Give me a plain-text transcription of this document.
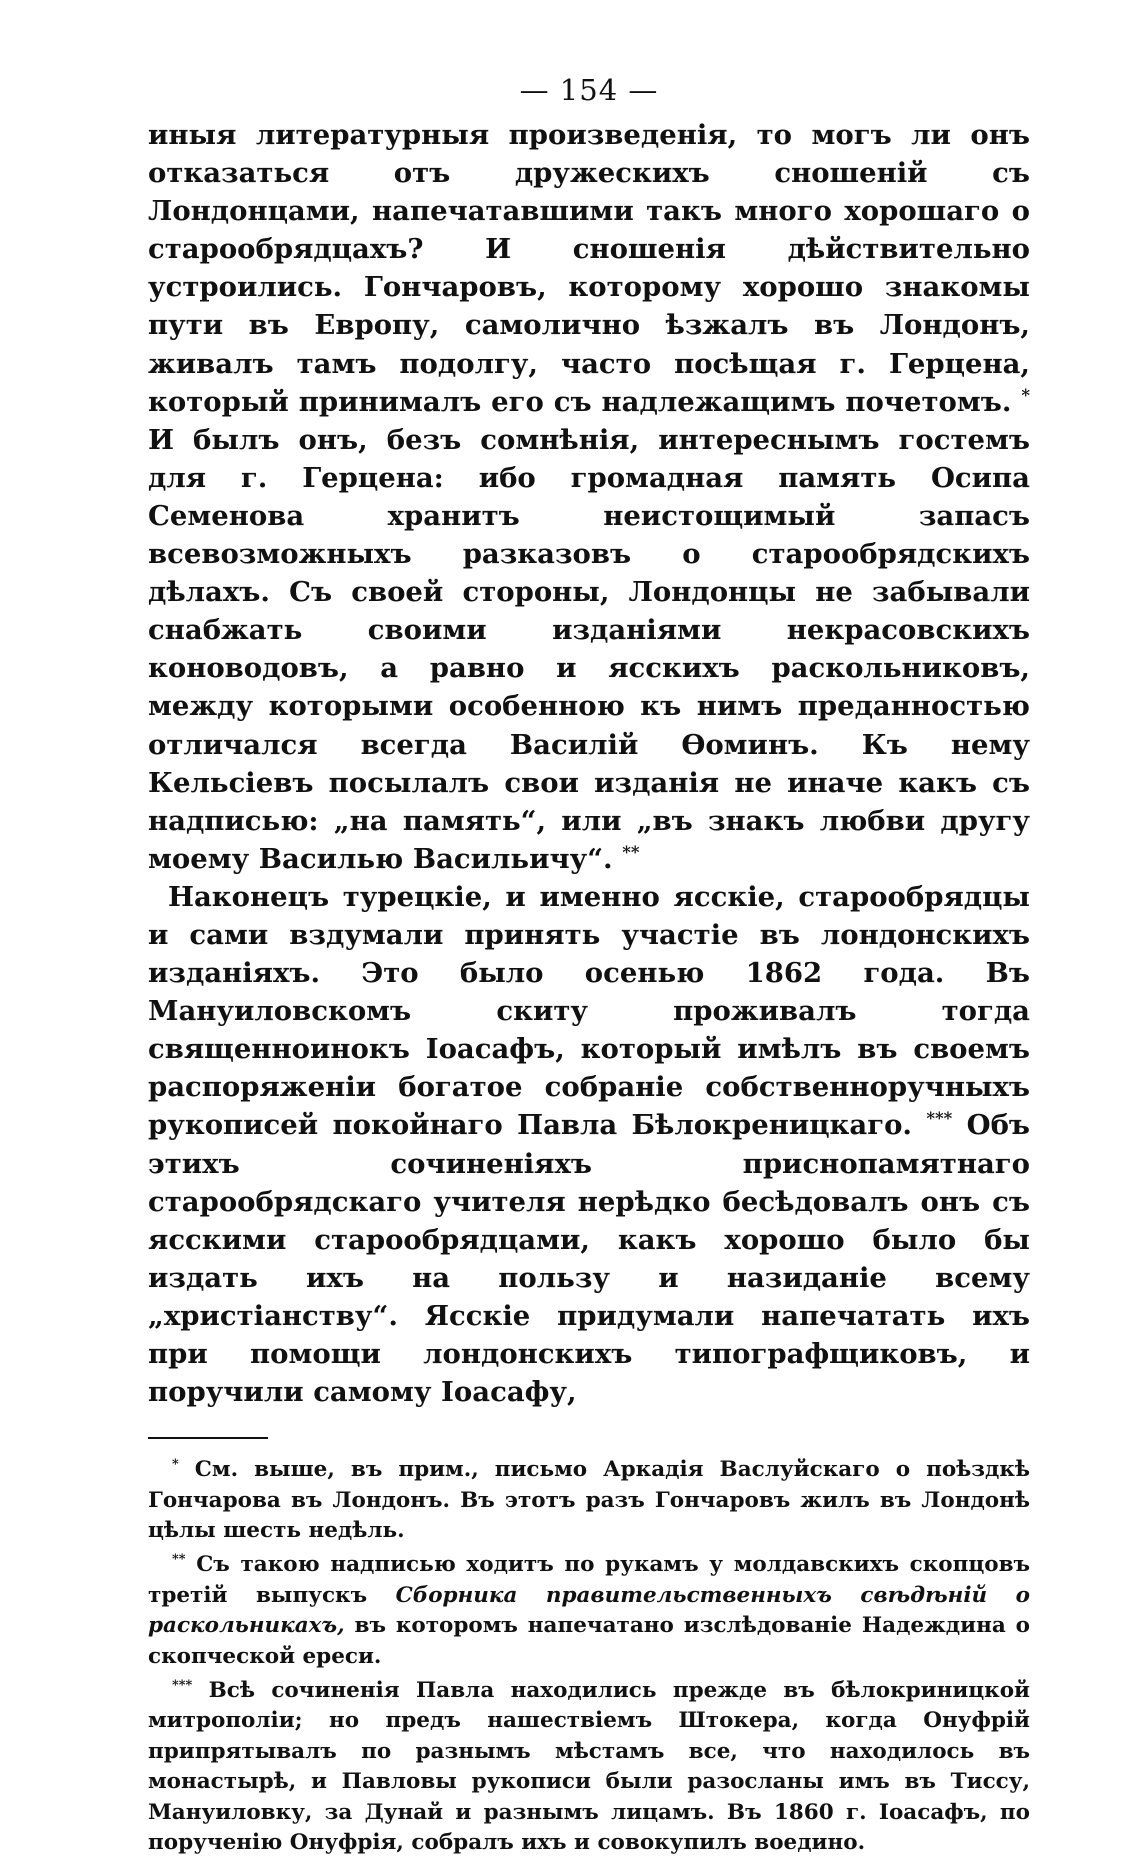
— 154 —

иныя литературныя произведенія, то могъ ли онъ отказаться отъ дружескихъ сношеній съ Лондонцами, напечатавшими такъ много хорошаго о старообрядцахъ? И сношенія дѣйствительно устроились. Гончаровъ, которому хорошо знакомы пути въ Европу, самолично ѣзжалъ въ Лондонъ, живалъ тамъ подолгу, часто посѣщая г. Герцена, который принималъ его съ надлежащимъ почетомъ. * И былъ онъ, безъ сомнѣнія, интереснымъ гостемъ для г. Герцена: ибо громадная память Осипа Семенова хранитъ неистощимый запасъ всевозможныхъ разказовъ о старообрядскихъ дѣлахъ. Съ своей стороны, Лондонцы не забывали снабжать своими изданіями некрасовскихъ коноводовъ, а равно и ясскихъ раскольниковъ, между которыми особенною къ нимъ преданностью отличался всегда Василій Ѳоминъ. Къ нему Кельсіевъ посылалъ свои изданія не иначе какъ съ надписью: „на память“, или „въ знакъ любви другу моему Василью Васильичу“. **

Наконецъ турецкіе, и именно ясскіе, старообрядцы и сами вздумали принять участіе въ лондонскихъ изданіяхъ. Это было осенью 1862 года. Въ Мануиловскомъ скиту проживалъ тогда священноинокъ Іоасафъ, который имѣлъ въ своемъ распоряженіи богатое собраніе собственноручныхъ рукописей покойнаго Павла Бѣлокреницкаго. *** Объ этихъ сочиненіяхъ приснопамятнаго старообрядскаго учителя нерѣдко бесѣдовалъ онъ съ ясскими старообрядцами, какъ хорошо было бы издать ихъ на пользу и назиданіе всему „христіанству“. Ясскіе придумали напечатать ихъ при помощи лондонскихъ типографщиковъ, и поручили самому Іоасафу,

* См. выше, въ прим., письмо Аркадія Васлуйскаго о поѣздкѣ Гончарова въ Лондонъ. Въ этотъ разъ Гончаровъ жилъ въ Лондонѣ цѣлы шесть недѣль.

** Съ такою надписью ходитъ по рукамъ у молдавскихъ скопцовъ третій выпускъ Сборника правительственныхъ свѣдѣній о раскольникахъ, въ которомъ напечатано изслѣдованіе Надеждина о скопческой ереси.

*** Всѣ сочиненія Павла находились прежде въ бѣлокриницкой митрополіи; но предъ нашествіемъ Штокера, когда Онуфрій припрятывалъ по разнымъ мѣстамъ все, что находилось въ монастырѣ, и Павловы рукописи были разосланы имъ въ Тиссу, Мануиловку, за Дунай и разнымъ лицамъ. Въ 1860 г. Іоасафъ, по порученію Онуфрія, собралъ ихъ и совокупилъ воедино.
